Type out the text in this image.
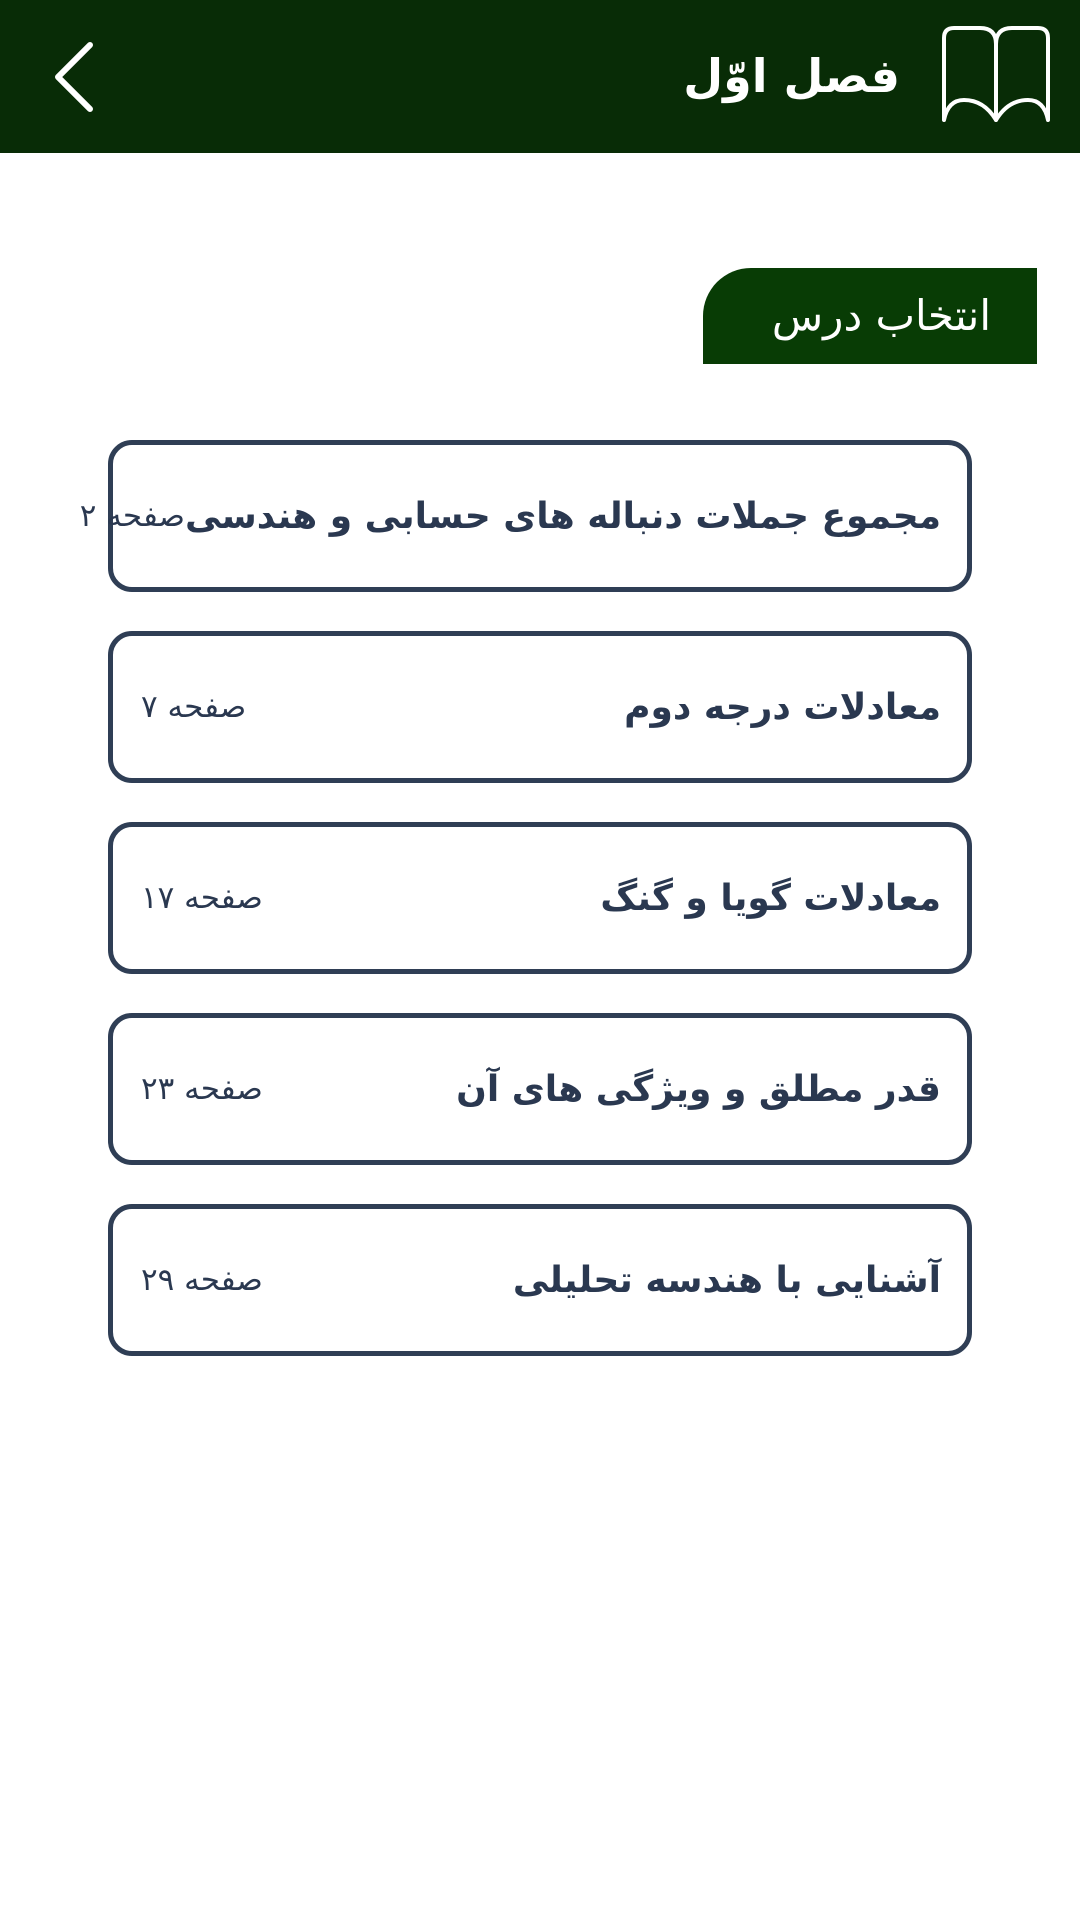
فصل اوّل
انتخاب درس
مجموع جملات دنباله های حسابی و هندسی
صفحه ۲
معادلات درجه دوم
صفحه ۷
معادلات گویا و گنگ
صفحه ۱۷
قدر مطلق و ویژگی های آن
صفحه ۲۳
آشنایی با هندسه تحلیلی
صفحه ۲۹
